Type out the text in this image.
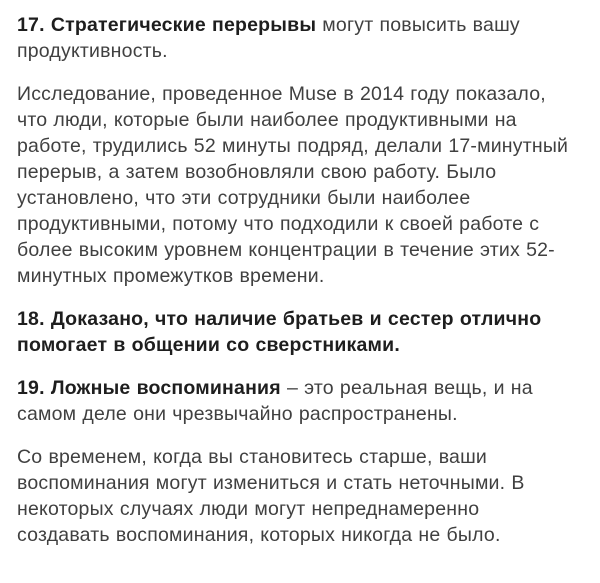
17. Стратегические перерывы могут повысить вашу продуктивность.

Исследование, проведенное Muse в 2014 году показало, что люди, которые были наиболее продуктивными на работе, трудились 52 минуты подряд, делали 17-минутный перерыв, а затем возобновляли свою работу. Было установлено, что эти сотрудники были наиболее продуктивными, потому что подходили к своей работе с более высоким уровнем концентрации в течение этих 52-минутных промежутков времени.

18. Доказано, что наличие братьев и сестер отлично помогает в общении со сверстниками.

19. Ложные воспоминания – это реальная вещь, и на самом деле они чрезвычайно распространены.

Со временем, когда вы становитесь старше, ваши воспоминания могут измениться и стать неточными. В некоторых случаях люди могут непреднамеренно создавать воспоминания, которых никогда не было.
